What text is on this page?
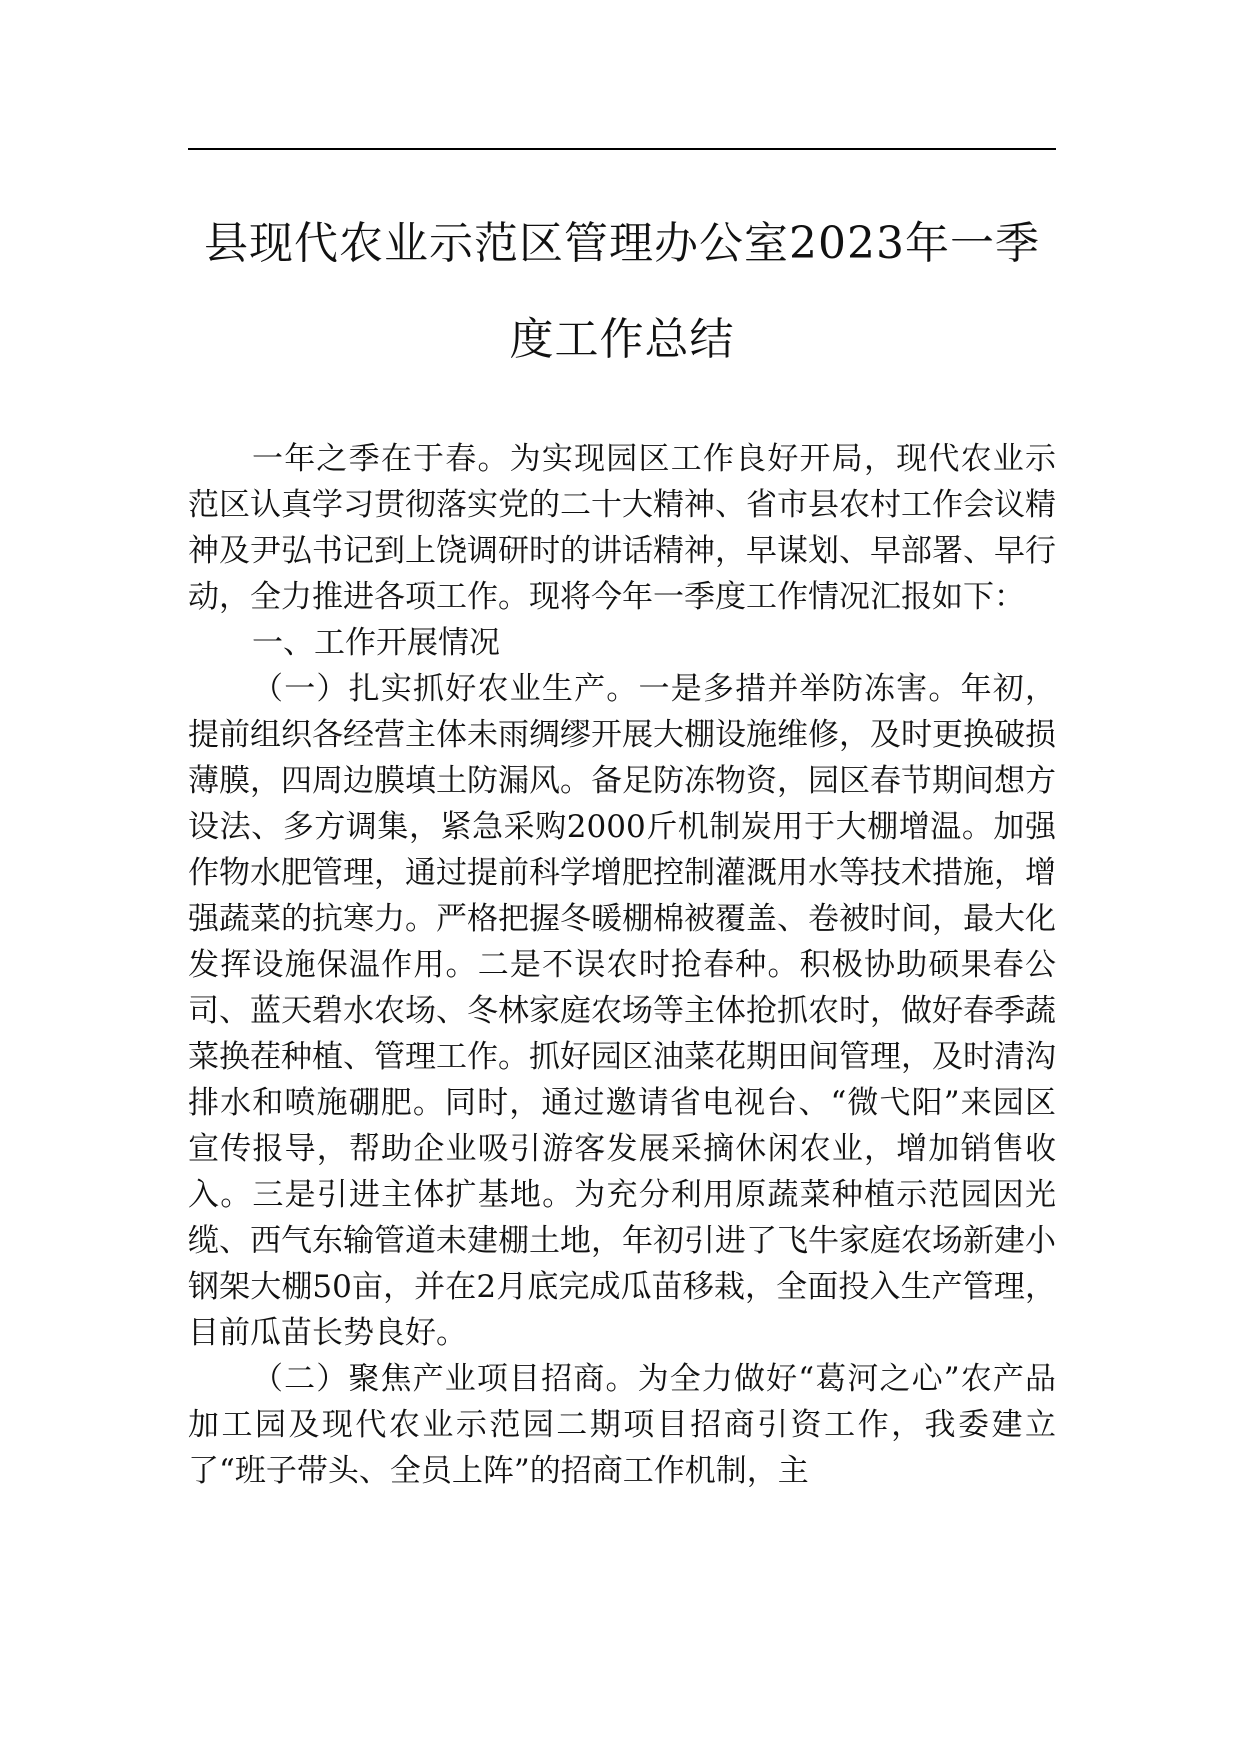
县现代农业示范区管理办公室2023年一季
度工作总结

一年之季在于春。为实现园区工作良好开局，现代农业示范区认真学习贯彻落实党的二十大精神、省市县农村工作会议精神及尹弘书记到上饶调研时的讲话精神，早谋划、早部署、早行动，全力推进各项工作。现将今年一季度工作情况汇报如下：

一、工作开展情况

（一）扎实抓好农业生产。一是多措并举防冻害。年初，提前组织各经营主体未雨绸缪开展大棚设施维修，及时更换破损薄膜，四周边膜填土防漏风。备足防冻物资，园区春节期间想方设法、多方调集，紧急采购2000斤机制炭用于大棚增温。加强作物水肥管理，通过提前科学增肥控制灌溉用水等技术措施，增强蔬菜的抗寒力。严格把握冬暖棚棉被覆盖、卷被时间，最大化发挥设施保温作用。二是不误农时抢春种。积极协助硕果春公司、蓝天碧水农场、冬林家庭农场等主体抢抓农时，做好春季蔬菜换茬种植、管理工作。抓好园区油菜花期田间管理，及时清沟排水和喷施硼肥。同时，通过邀请省电视台、“微弋阳”来园区宣传报导，帮助企业吸引游客发展采摘休闲农业，增加销售收入。三是引进主体扩基地。为充分利用原蔬菜种植示范园因光缆、西气东输管道未建棚土地，年初引进了飞牛家庭农场新建小钢架大棚50亩，并在2月底完成瓜苗移栽，全面投入生产管理，目前瓜苗长势良好。

（二）聚焦产业项目招商。为全力做好“葛河之心”农产品加工园及现代农业示范园二期项目招商引资工作，我委建立了“班子带头、全员上阵”的招商工作机制，主
